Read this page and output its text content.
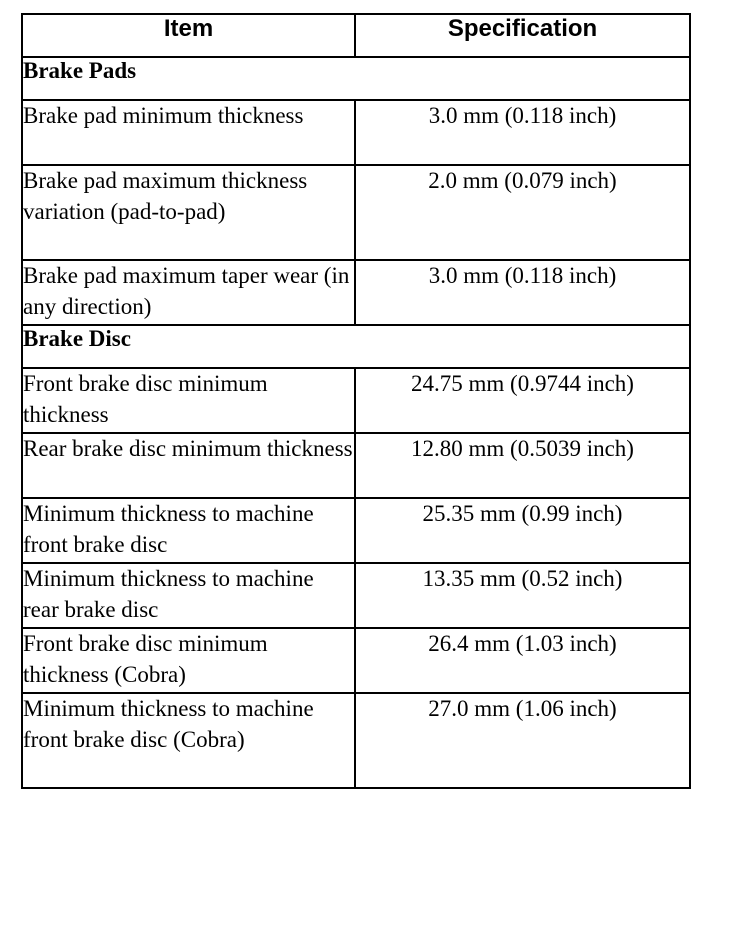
Item	Specification
Brake Pads	
Brake pad minimum thickness	3.0 mm (0.118 inch)
Brake pad maximum thickness variation (pad-to-pad)	2.0 mm (0.079 inch)
Brake pad maximum taper wear (in any direction)	3.0 mm (0.118 inch)
Brake Disc	
Front brake disc minimum thickness	24.75 mm (0.9744 inch)
Rear brake disc minimum thickness	12.80 mm (0.5039 inch)
Minimum thickness to machine front brake disc	25.35 mm (0.99 inch)
Minimum thickness to machine rear brake disc	13.35 mm (0.52 inch)
Front brake disc minimum thickness (Cobra)	26.4 mm (1.03 inch)
Minimum thickness to machine front brake disc (Cobra)	27.0 mm (1.06 inch)
